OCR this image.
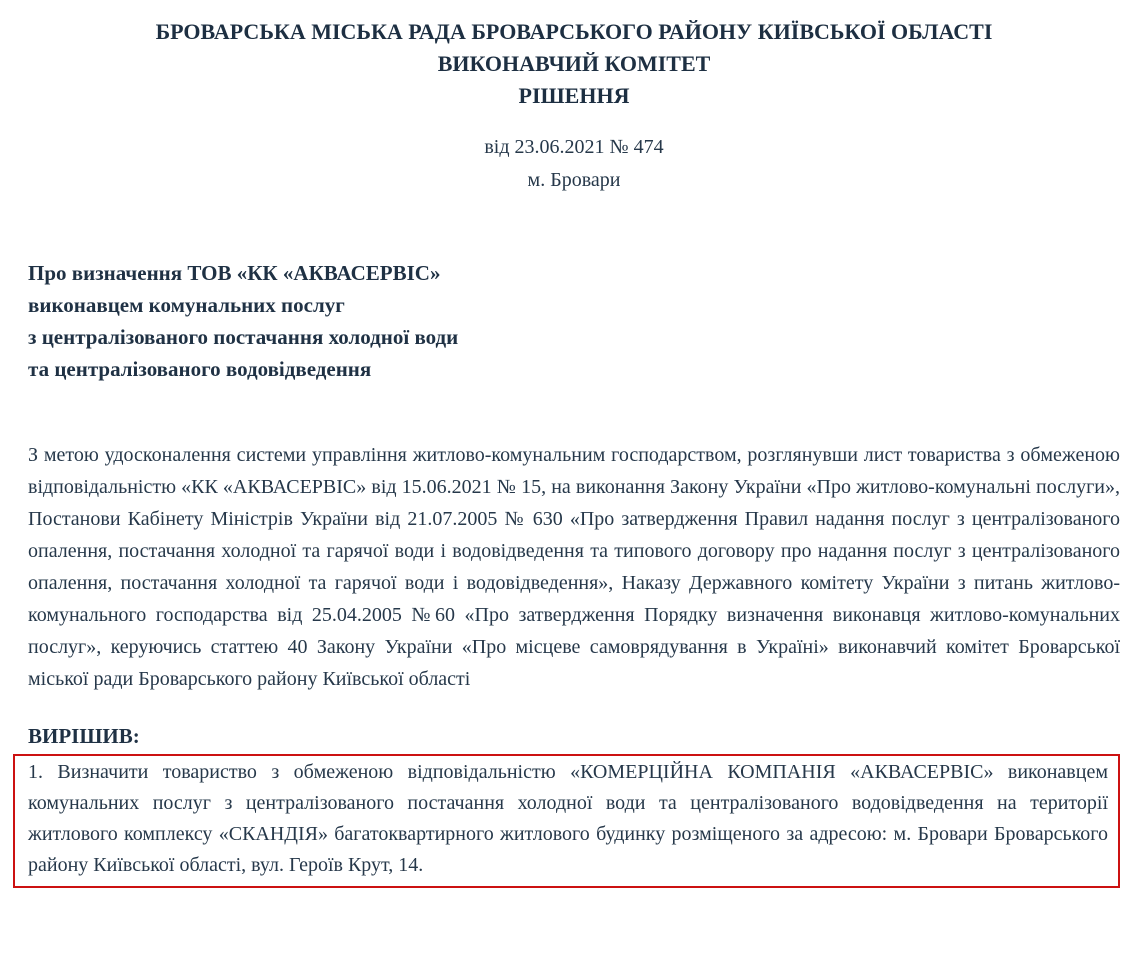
БРОВАРСЬКА МІСЬКА РАДА БРОВАРСЬКОГО РАЙОНУ КИЇВСЬКОЇ ОБЛАСТІ
ВИКОНАВЧИЙ КОМІТЕТ
РІШЕННЯ
від 23.06.2021 № 474
м. Бровари
Про визначення ТОВ «КК «АКВАСЕРВІС»
виконавцем комунальних послуг
з централізованого постачання холодної води
та централізованого водовідведення

З метою удосконалення системи управління житлово-комунальним господарством, розглянувши лист товариства з обмеженою відповідальністю «КК «АКВАСЕРВІС» від 15.06.2021 № 15, на виконання Закону України «Про житлово-комунальні послуги», Постанови Кабінету Міністрів України від 21.07.2005 № 630 «Про затвердження Правил надання послуг з централізованого опалення, постачання холодної та гарячої води і водовідведення та типового договору про надання послуг з централізованого опалення, постачання холодної та гарячої води і водовідведення», Наказу Державного комітету України з питань житлово-комунального господарства від 25.04.2005 №60 «Про затвердження Порядку визначення виконавця житлово-комунальних послуг», керуючись статтею 40 Закону України «Про місцеве самоврядування в Україні» виконавчий комітет Броварської міської ради Броварського району Київської області

ВИРІШИВ:

1. Визначити товариство з обмеженою відповідальністю «КОМЕРЦІЙНА КОМПАНІЯ «АКВАСЕРВІС» виконавцем комунальних послуг з централізованого постачання холодної води та централізованого водовідведення на території житлового комплексу «СКАНДІЯ» багатоквартирного житлового будинку розміщеного за адресою: м. Бровари Броварського району Київської області, вул. Героїв Крут, 14.
